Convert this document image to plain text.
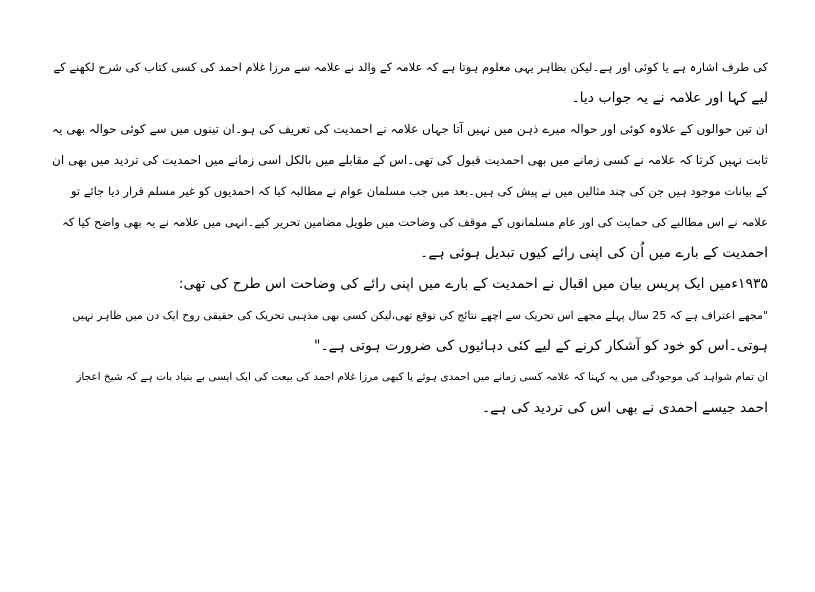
کی طرف اشارہ ہے یا کوئی اور ہے۔لیکن بظاہر یہی معلوم ہوتا ہے کہ علامہ کے والد نے علامہ سے مرزا غلام احمد کی کسی کتاب کی شرح لکھنے کے
لیے کہا اور علامہ نے یہ جواب دیا۔
ان تین حوالوں کے علاوہ کوئی اور حوالہ میرے ذہن میں نہیں آتا جہاں علامہ نے احمدیت کی تعریف کی ہو۔ان تینوں میں سے کوئی حوالہ بھی یہ
ثابت نہیں کرتا کہ علامہ نے کسی زمانے میں بھی احمدیت قبول کی تھی۔اس کے مقابلے میں بالکل اسی زمانے میں احمدیت کی تردید میں بھی ان
کے بیانات موجود ہیں جن کی چند مثالیں میں نے پیش کی ہیں۔بعد میں جب مسلمان عوام نے مطالبہ کیا کہ احمدیوں کو غیر مسلم قرار دیا جائے تو
علامہ نے اس مطالبے کی حمایت کی اور عام مسلمانوں کے موقف کی وضاحت میں طویل مضامین تحریر کیے۔انہی میں علامہ نے یہ بھی واضح کیا کہ
احمدیت کے بارے میں اُن کی اپنی رائے کیوں تبدیل ہوئی ہے۔
۱۹۳۵ءمیں ایک پریس بیان میں اقبال نے احمدیت کے بارے میں اپنی رائے کی وضاحت اس طرح کی تھی:
"مجھے اعتراف ہے کہ 25 سال پہلے مجھے اس تحریک سے اچھے نتائج کی توقع تھی،لیکن کسی بھی مذہبی تحریک کی حقیقی روح ایک دن میں ظاہر نہیں
ہوتی۔اس کو خود کو آشکار کرنے کے لیے کئی دہائیوں کی ضرورت ہوتی ہے۔"
ان تمام شواہد کی موجودگی میں یہ کہنا کہ علامہ کسی زمانے میں احمدی ہوئے یا کبھی مرزا غلام احمد کی بیعت کی ایک ایسی بے بنیاد بات ہے کہ شیخ اعجاز
احمد جیسے احمدی نے بھی اس کی تردید کی ہے۔
